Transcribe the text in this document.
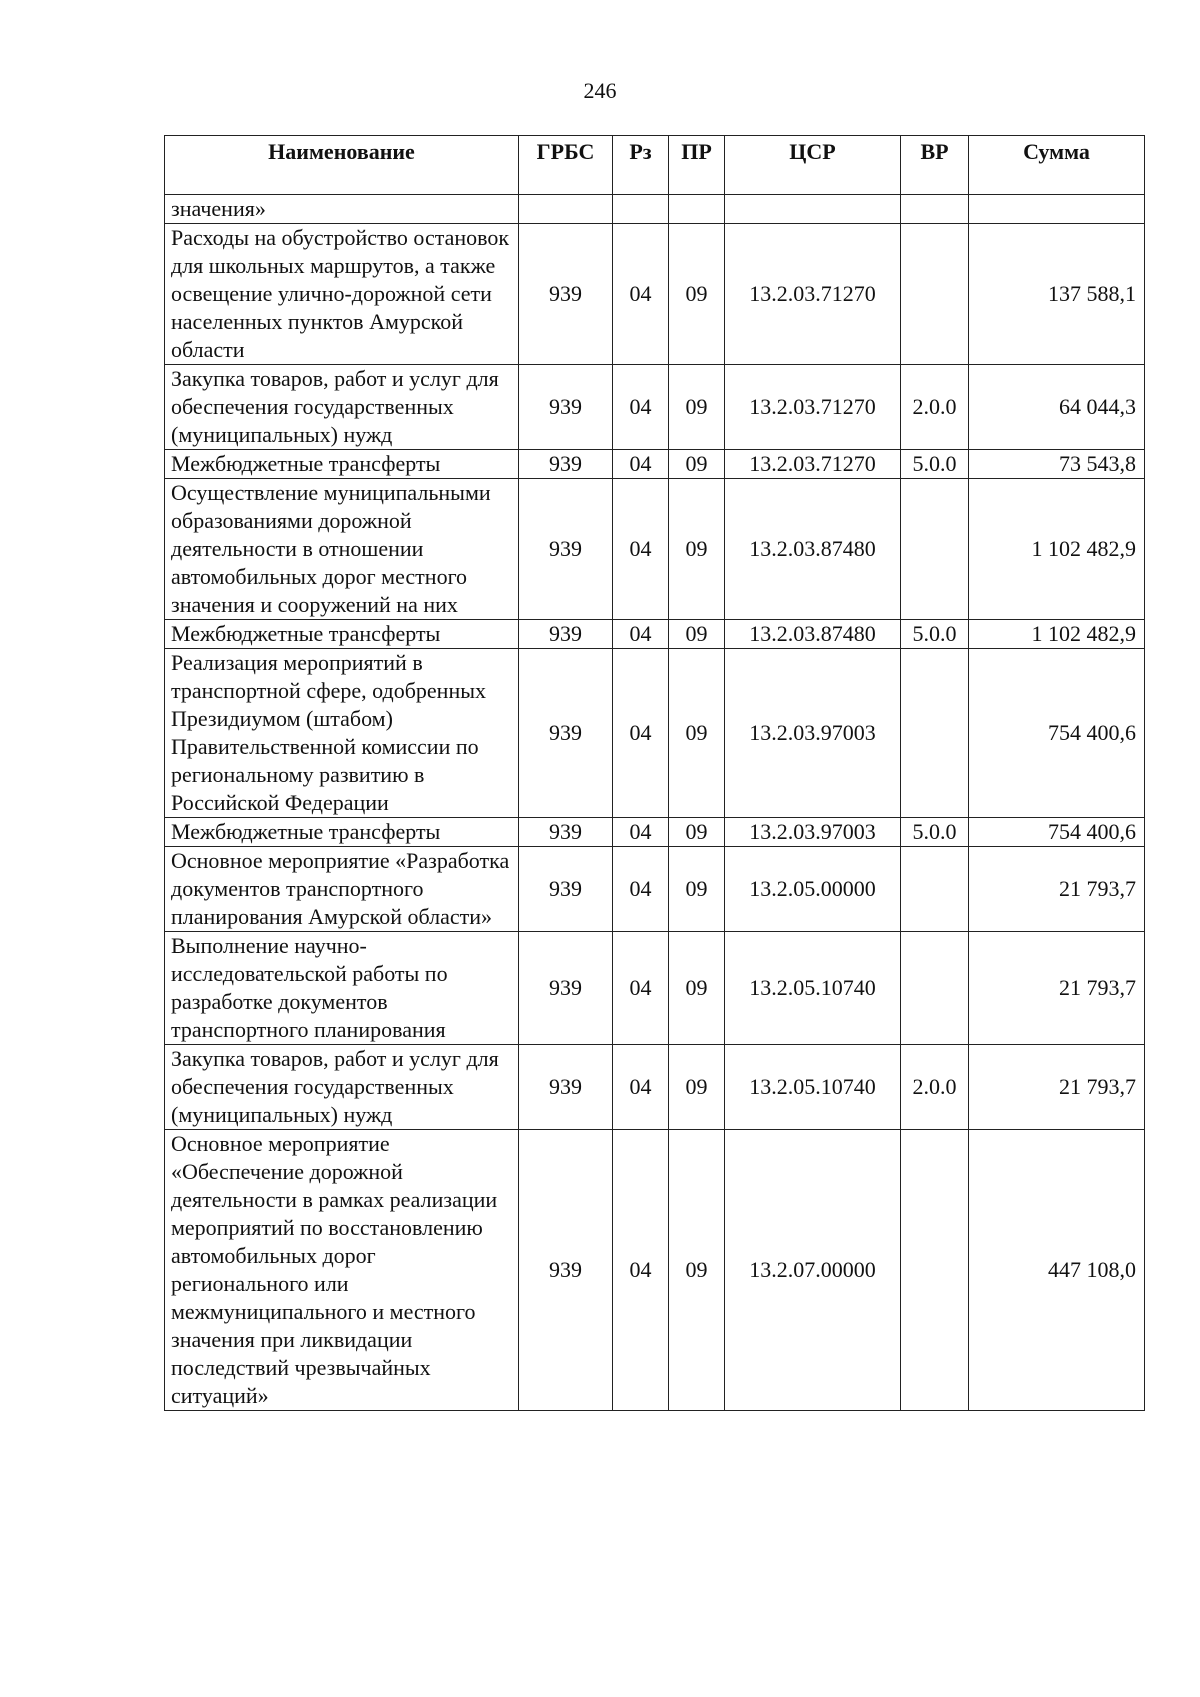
246
Наименование	ГРБС	Рз	ПР	ЦСР	ВР	Сумма
значения»						
Расходы на обустройство остановок для школьных маршрутов, а также освещение улично-дорожной сети населенных пунктов Амурской области	939	04	09	13.2.03.71270		137 588,1
Закупка товаров, работ и услуг для обеспечения государственных (муниципальных) нужд	939	04	09	13.2.03.71270	2.0.0	64 044,3
Межбюджетные трансферты	939	04	09	13.2.03.71270	5.0.0	73 543,8
Осуществление муниципальными образованиями дорожной деятельности в отношении автомобильных дорог местного значения и сооружений на них	939	04	09	13.2.03.87480		1 102 482,9
Межбюджетные трансферты	939	04	09	13.2.03.87480	5.0.0	1 102 482,9
Реализация мероприятий в транспортной сфере, одобренных Президиумом (штабом) Правительственной комиссии по региональному развитию в Российской Федерации	939	04	09	13.2.03.97003		754 400,6
Межбюджетные трансферты	939	04	09	13.2.03.97003	5.0.0	754 400,6
Основное мероприятие «Разработка документов транспортного планирования Амурской области»	939	04	09	13.2.05.00000		21 793,7
Выполнение научно-исследовательской работы по разработке документов транспортного планирования	939	04	09	13.2.05.10740		21 793,7
Закупка товаров, работ и услуг для обеспечения государственных (муниципальных) нужд	939	04	09	13.2.05.10740	2.0.0	21 793,7
Основное мероприятие «Обеспечение дорожной деятельности в рамках реализации мероприятий по восстановлению автомобильных дорог регионального или межмуниципального и местного значения при ликвидации последствий чрезвычайных ситуаций»	939	04	09	13.2.07.00000		447 108,0
